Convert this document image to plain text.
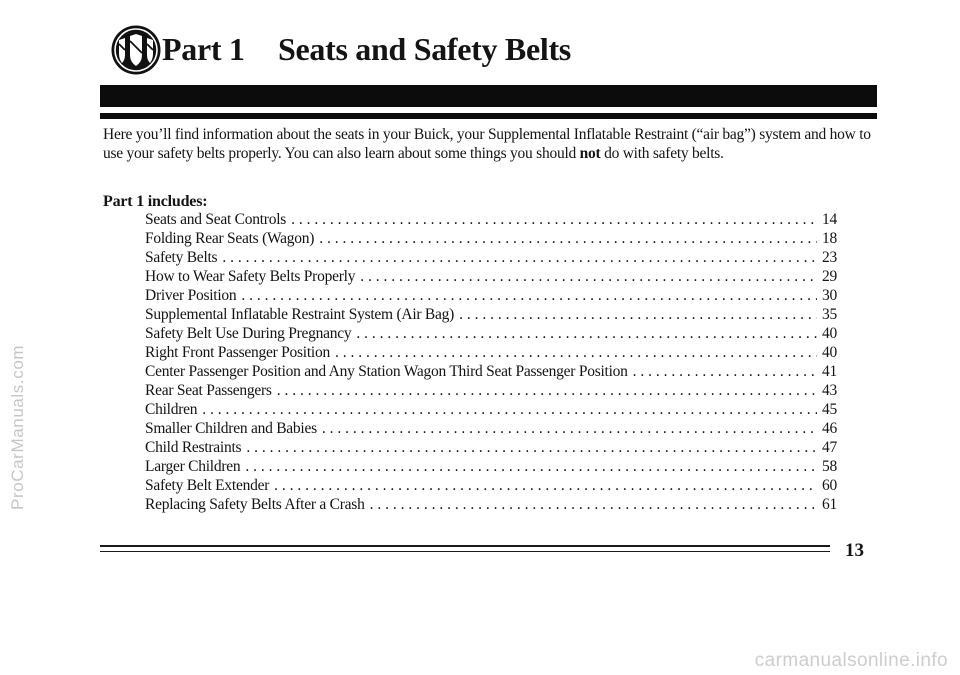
Part 1 Seats and Safety Belts

Here you’ll find information about the seats in your Buick, your Supplemental Inflatable Restraint (“air bag”) system and how to use your safety belts properly. You can also learn about some things you should not do with safety belts.

Part 1 includes:

Seats and Seat Controls . . .	14
Folding Rear Seats (Wagon) . . .	18
Safety Belts . . .	23
How to Wear Safety Belts Properly . . .	29
Driver Position . . .	30
Supplemental Inflatable Restraint System (Air Bag) . . .	35
Safety Belt Use During Pregnancy . . .	40
Right Front Passenger Position . . .	40
Center Passenger Position and Any Station Wagon Third Seat Passenger Position . . .	41
Rear Seat Passengers . . .	43
Children . . .	45
Smaller Children and Babies . . .	46
Child Restraints . . .	47
Larger Children . . .	58
Safety Belt Extender . . .	60
Replacing Safety Belts After a Crash . . .	61
ProCarManuals.com

13

carmanualsonline.info
